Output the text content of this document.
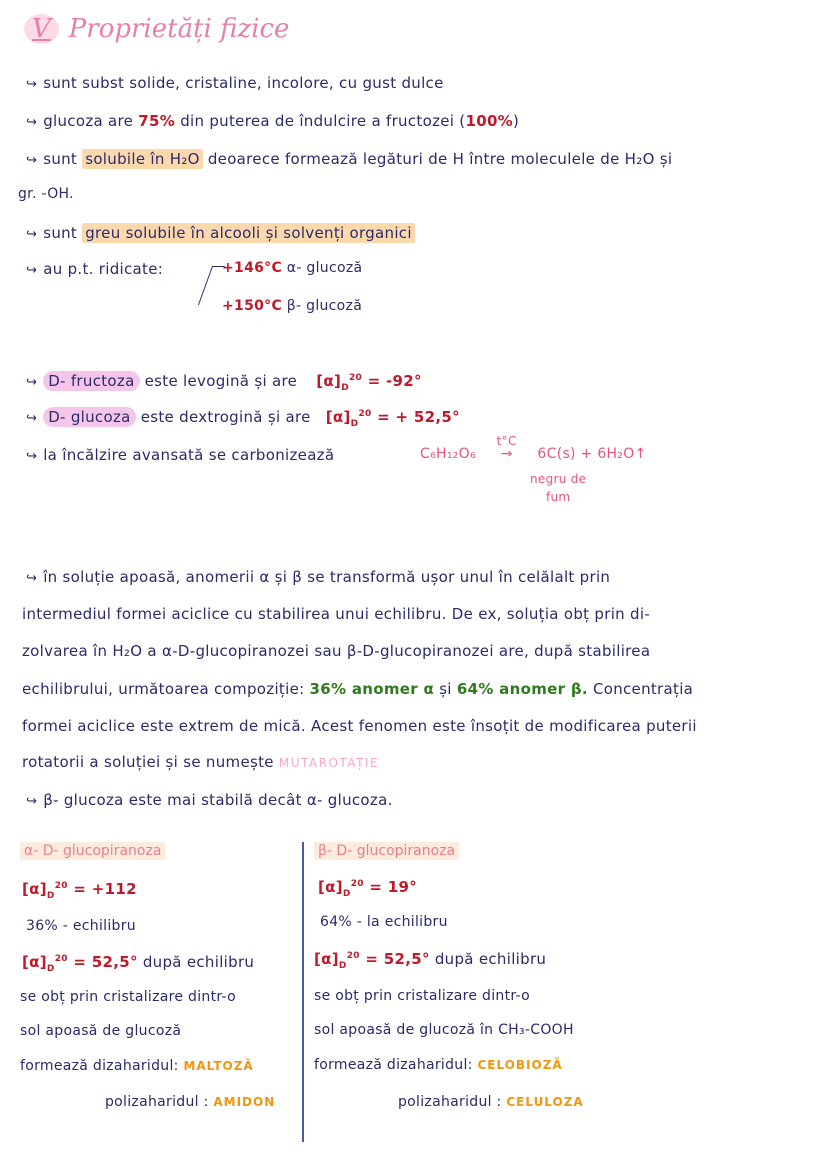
V Proprietăți fizice
↪ sunt subst solide, cristaline, incolore, cu gust dulce
↪ glucoza are 75% din puterea de îndulcire a fructozei (100%)
↪ sunt solubile în H₂O deoarece formează legături de H între moleculele de H₂O și
gr. -OH.
↪ sunt greu solubile în alcooli și solvenți organici
↪ au p.t. ridicate:	+146°C α- glucoză
+150°C β- glucoză
↪ D- fructoza este levogină și are $[\alpha]_D^{20} = -92^\circ$
↪ D- glucoza este dextrogină și are $[\alpha]_D^{20}$ = + 52,5°
↪ la încălzire avansată se carbonizează	C₆H₁₂O₆
t°C
→ 6C(s) + 6H₂O↑
negru de
fum
↪ în soluție apoasă, anomerii α și β se transformă ușor unul în celălalt prin
intermediul formei aciclice cu stabilirea unui echilibru. De ex, soluția obț prin di-
zolvarea în H₂O a α-D-glucopiranozei sau β-D-glucopiranozei are, după stabilirea
echilibrului, următoarea compoziție: 36% anomer α și 64% anomer β. Concentrația
formei aciclice este extrem de mică. Acest fenomen este însoțit de modificarea puterii
rotatorii a soluției și se numește MUTAROTAȚIE
↪ β- glucoza este mai stabilă decât α- glucoza.
α- D- glucopiranoza
$[\alpha]_D^{20} = +112$
36% - echilibru
$[\alpha]_D^{20} = 52,5^\circ$ după echilibru
se obț prin cristalizare dintr-o
sol apoasă de glucoză
formează dizaharidul: MALTOZĂ
polizaharidul : AMIDON
β- D- glucopiranoza
$[\alpha]_D^{20} = 19^\circ$
64% - la echilibru
$[\alpha]_D^{20} = 52,5^\circ$ după echilibru
se obț prin cristalizare dintr-o
sol apoasă de glucoză în CH₃-COOH
formează dizaharidul: CELOBIOZĂ
polizaharidul : CELULOZA
